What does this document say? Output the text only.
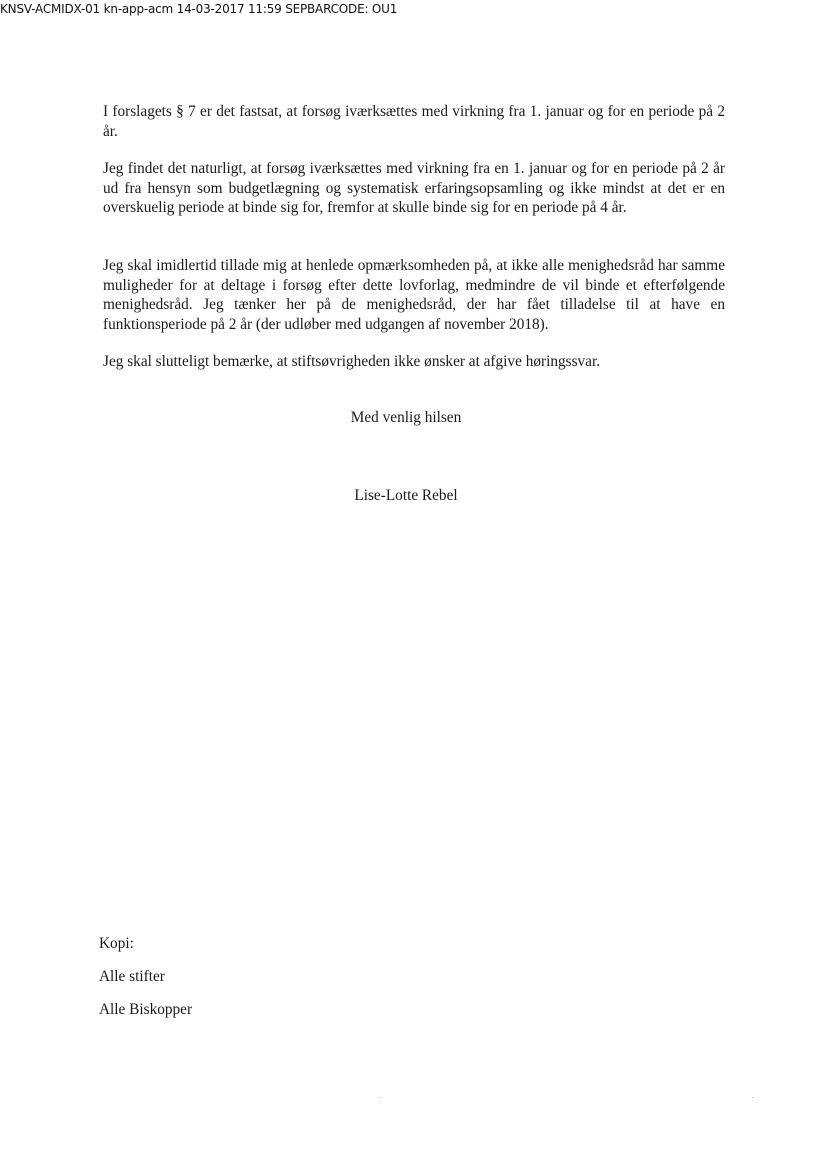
KNSV-ACMIDX-01 kn-app-acm 14-03-2017 11:59 SEPBARCODE: OU1

I forslagets § 7 er det fastsat, at forsøg iværksættes med virkning fra 1. januar og for en periode på 2 år.

Jeg findet det naturligt, at forsøg iværksættes med virkning fra en 1. januar og for en periode på 2 år ud fra hensyn som budgetlægning og systematisk erfaringsopsamling og ikke mindst at det er en overskuelig periode at binde sig for, fremfor at skulle binde sig for en periode på 4 år.

Jeg skal imidlertid tillade mig at henlede opmærksomheden på, at ikke alle menighedsråd har samme muligheder for at deltage i forsøg efter dette lovforlag, medmindre de vil binde et efterfølgende menighedsråd. Jeg tænker her på de menighedsråd, der har fået tilladelse til at have en funktionsperiode på 2 år (der udløber med udgangen af november 2018).

Jeg skal slutteligt bemærke, at stiftsøvrigheden ikke ønsker at afgive høringssvar.

Med venlig hilsen
Lise-Lotte Rebel
Kopi:
Alle stifter
Alle Biskopper
